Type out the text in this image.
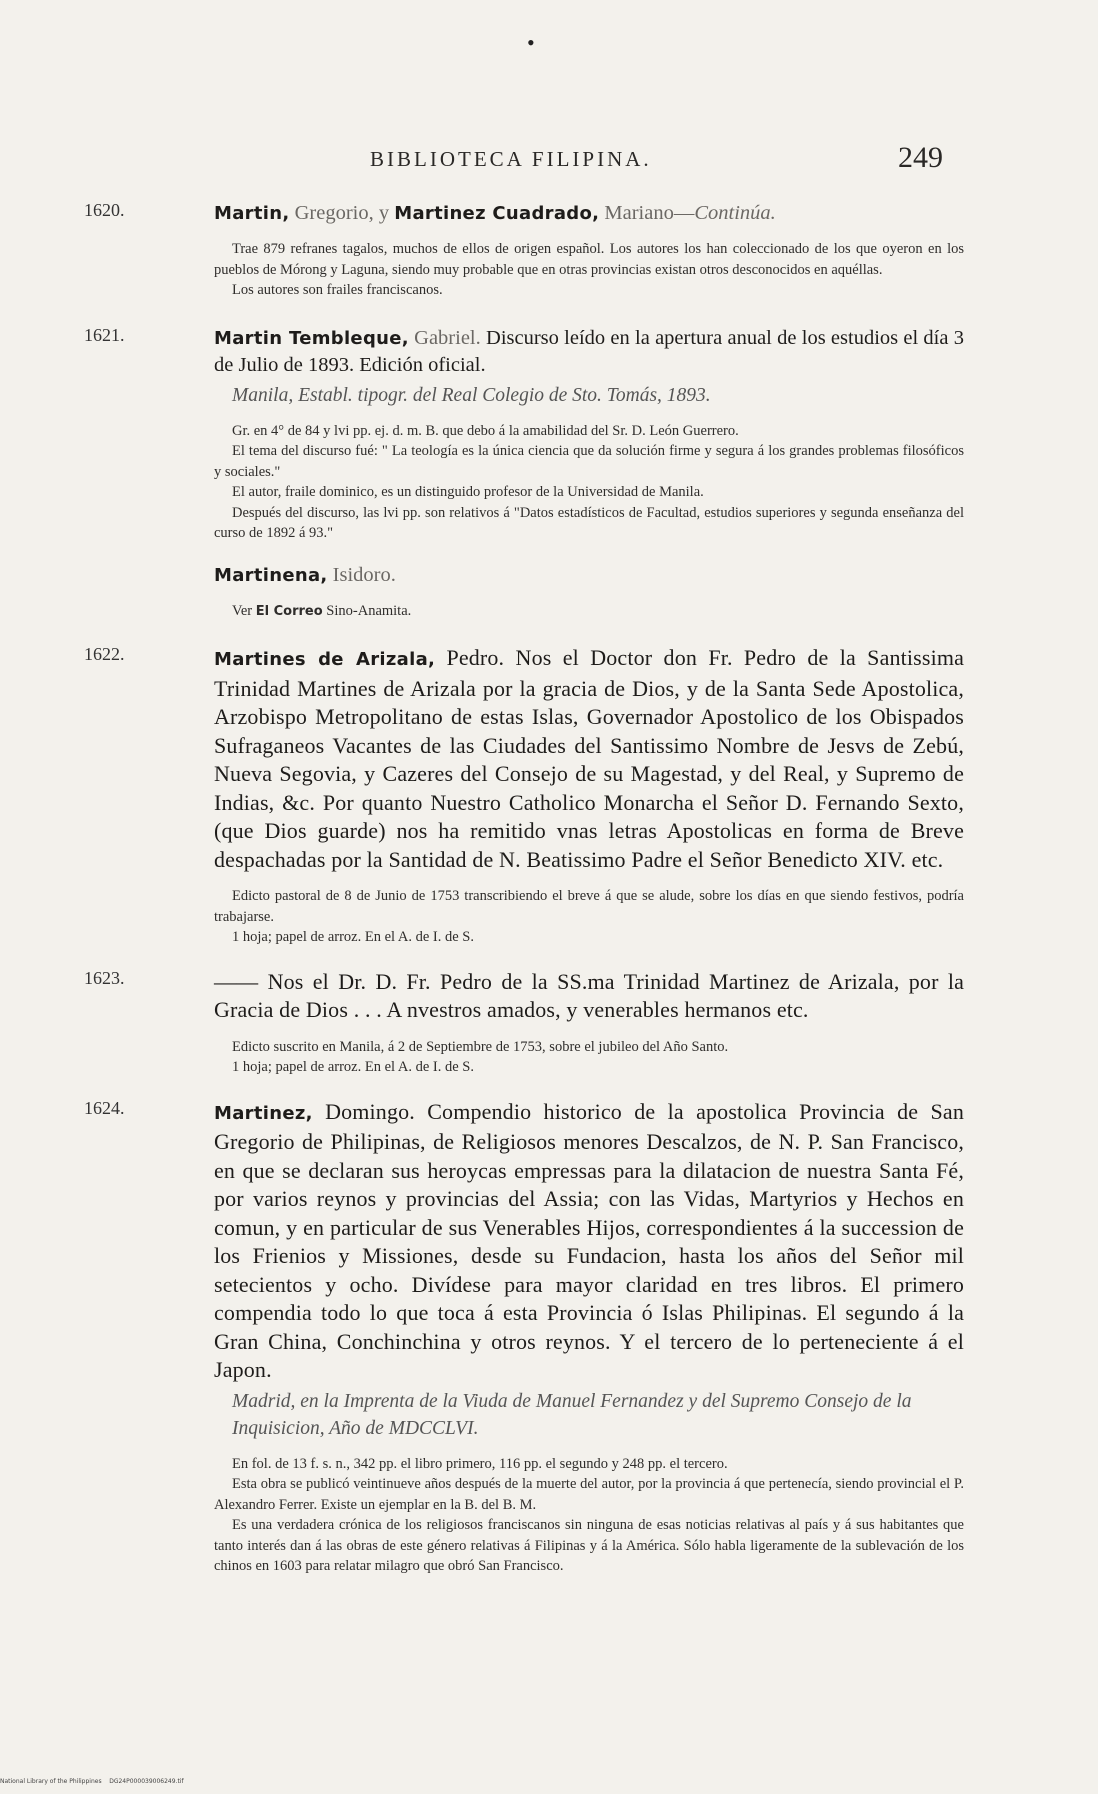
•
BIBLIOTECA FILIPINA.	249
1620.	Martin, Gregorio, y Martinez Cuadrado, Mariano—Continúa.

Trae 879 refranes tagalos, muchos de ellos de origen español. Los autores los han coleccionado de los que oyeron en los pueblos de Mórong y Laguna, siendo muy probable que en otras provincias existan otros desconocidos en aquéllas.

Los autores son frailes franciscanos.

1621.	Martin Tembleque, Gabriel. Discurso leído en la apertura anual de los estudios el día 3 de Julio de 1893. Edición oficial.

Manila, Establ. tipogr. del Real Colegio de Sto. Tomás, 1893.

Gr. en 4° de 84 y lvi pp. ej. d. m. B. que debo á la amabilidad del Sr. D. León Guerrero.

El tema del discurso fué: " La teología es la única ciencia que da solución firme y segura á los grandes problemas filosóficos y sociales."

El autor, fraile dominico, es un distinguido profesor de la Universidad de Manila.

Después del discurso, las lvi pp. son relativos á "Datos estadísticos de Facultad, estudios superiores y segunda enseñanza del curso de 1892 á 93."

Martinena, Isidoro.

Ver El Correo Sino-Anamita.

1622.	Martines de Arizala, Pedro. Nos el Doctor don Fr. Pedro de la Santissima Trinidad Martines de Arizala por la gracia de Dios, y de la Santa Sede Apostolica, Arzobispo Metropolitano de estas Islas, Governador Apostolico de los Obispados Sufraganeos Vacantes de las Ciudades del Santissimo Nombre de Jesvs de Zebú, Nueva Segovia, y Cazeres del Consejo de su Magestad, y del Real, y Supremo de Indias, &c. Por quanto Nuestro Catholico Monarcha el Señor D. Fernando Sexto, (que Dios guarde) nos ha remitido vnas letras Apostolicas en forma de Breve despachadas por la Santidad de N. Beatissimo Padre el Señor Benedicto XIV. etc.

Edicto pastoral de 8 de Junio de 1753 transcribiendo el breve á que se alude, sobre los días en que siendo festivos, podría trabajarse.

1 hoja; papel de arroz. En el A. de I. de S.

1623.	—— Nos el Dr. D. Fr. Pedro de la SS.ma Trinidad Martinez de Arizala, por la Gracia de Dios . . . A nvestros amados, y venerables hermanos etc.

Edicto suscrito en Manila, á 2 de Septiembre de 1753, sobre el jubileo del Año Santo.

1 hoja; papel de arroz. En el A. de I. de S.

1624.	Martinez, Domingo. Compendio historico de la apostolica Provincia de San Gregorio de Philipinas, de Religiosos menores Descalzos, de N. P. San Francisco, en que se declaran sus heroycas empressas para la dilatacion de nuestra Santa Fé, por varios reynos y provincias del Assia; con las Vidas, Martyrios y Hechos en comun, y en particular de sus Venerables Hijos, correspondientes á la succession de los Frienios y Missiones, desde su Fundacion, hasta los años del Señor mil setecientos y ocho. Divídese para mayor claridad en tres libros. El primero compendia todo lo que toca á esta Provincia ó Islas Philipinas. El segundo á la Gran China, Conchinchina y otros reynos. Y el tercero de lo perteneciente á el Japon.

Madrid, en la Imprenta de la Viuda de Manuel Fernandez y del Supremo Consejo de la Inquisicion, Año de MDCCLVI.

En fol. de 13 f. s. n., 342 pp. el libro primero, 116 pp. el segundo y 248 pp. el tercero.

Esta obra se publicó veintinueve años después de la muerte del autor, por la provincia á que pertenecía, siendo provincial el P. Alexandro Ferrer. Existe un ejemplar en la B. del B. M.

Es una verdadera crónica de los religiosos franciscanos sin ninguna de esas noticias relativas al país y á sus habitantes que tanto interés dan á las obras de este género relativas á Filipinas y á la América. Sólo habla ligeramente de la sublevación de los chinos en 1603 para relatar milagro que obró San Francisco.

National Library of the Philippines DG24P000039006249.tif
